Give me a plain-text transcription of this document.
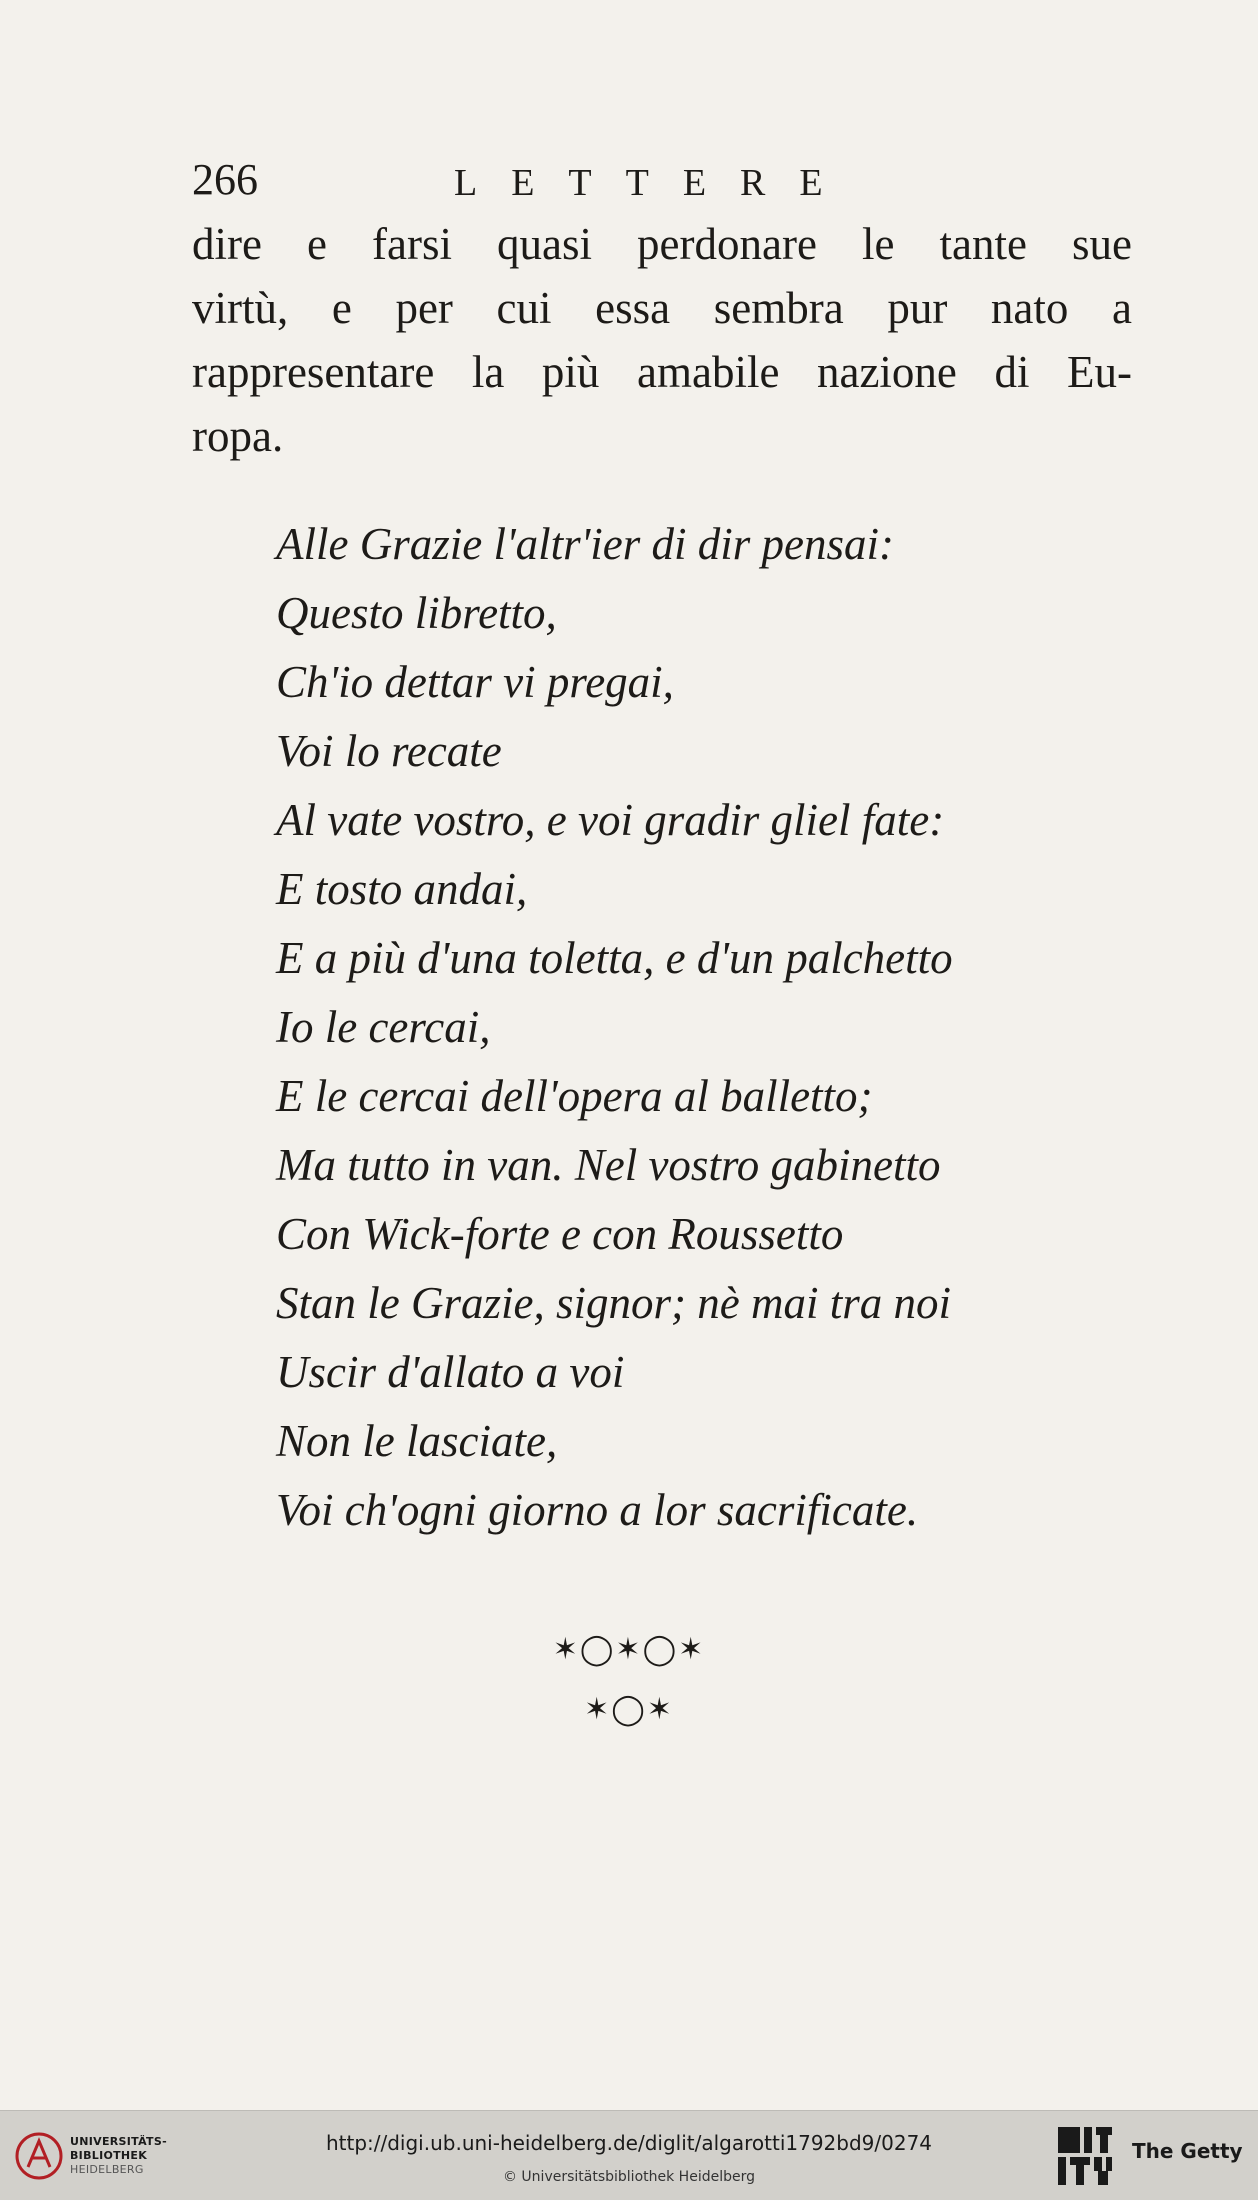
266	LETTERE
dire e farsi quasi perdonare le tante sue
virtù, e per cui essa sembra pur nato a
rappresentare la più amabile nazione di Eu-
ropa.
Alle Grazie l'altr'ier di dir pensai:
Questo libretto,
Ch'io dettar vi pregai,
Voi lo recate
Al vate vostro, e voi gradir gliel fate:
E tosto andai,
E a più d'una toletta, e d'un palchetto
Io le cercai,
E le cercai dell'opera al balletto;
Ma tutto in van. Nel vostro gabinetto
Con Wick-forte e con Roussetto
Stan le Grazie, signor; nè mai tra noi
Uscir d'allato a voi
Non le lasciate,
Voi ch'ogni giorno a lor sacrificate.
✶◯✶◯✶
✶◯✶
UNIVERSITÄTS-
BIBLIOTHEK
HEIDELBERG
http://digi.ub.uni-heidelberg.de/diglit/algarotti1792bd9/0274
© Universitätsbibliothek Heidelberg
The Getty
